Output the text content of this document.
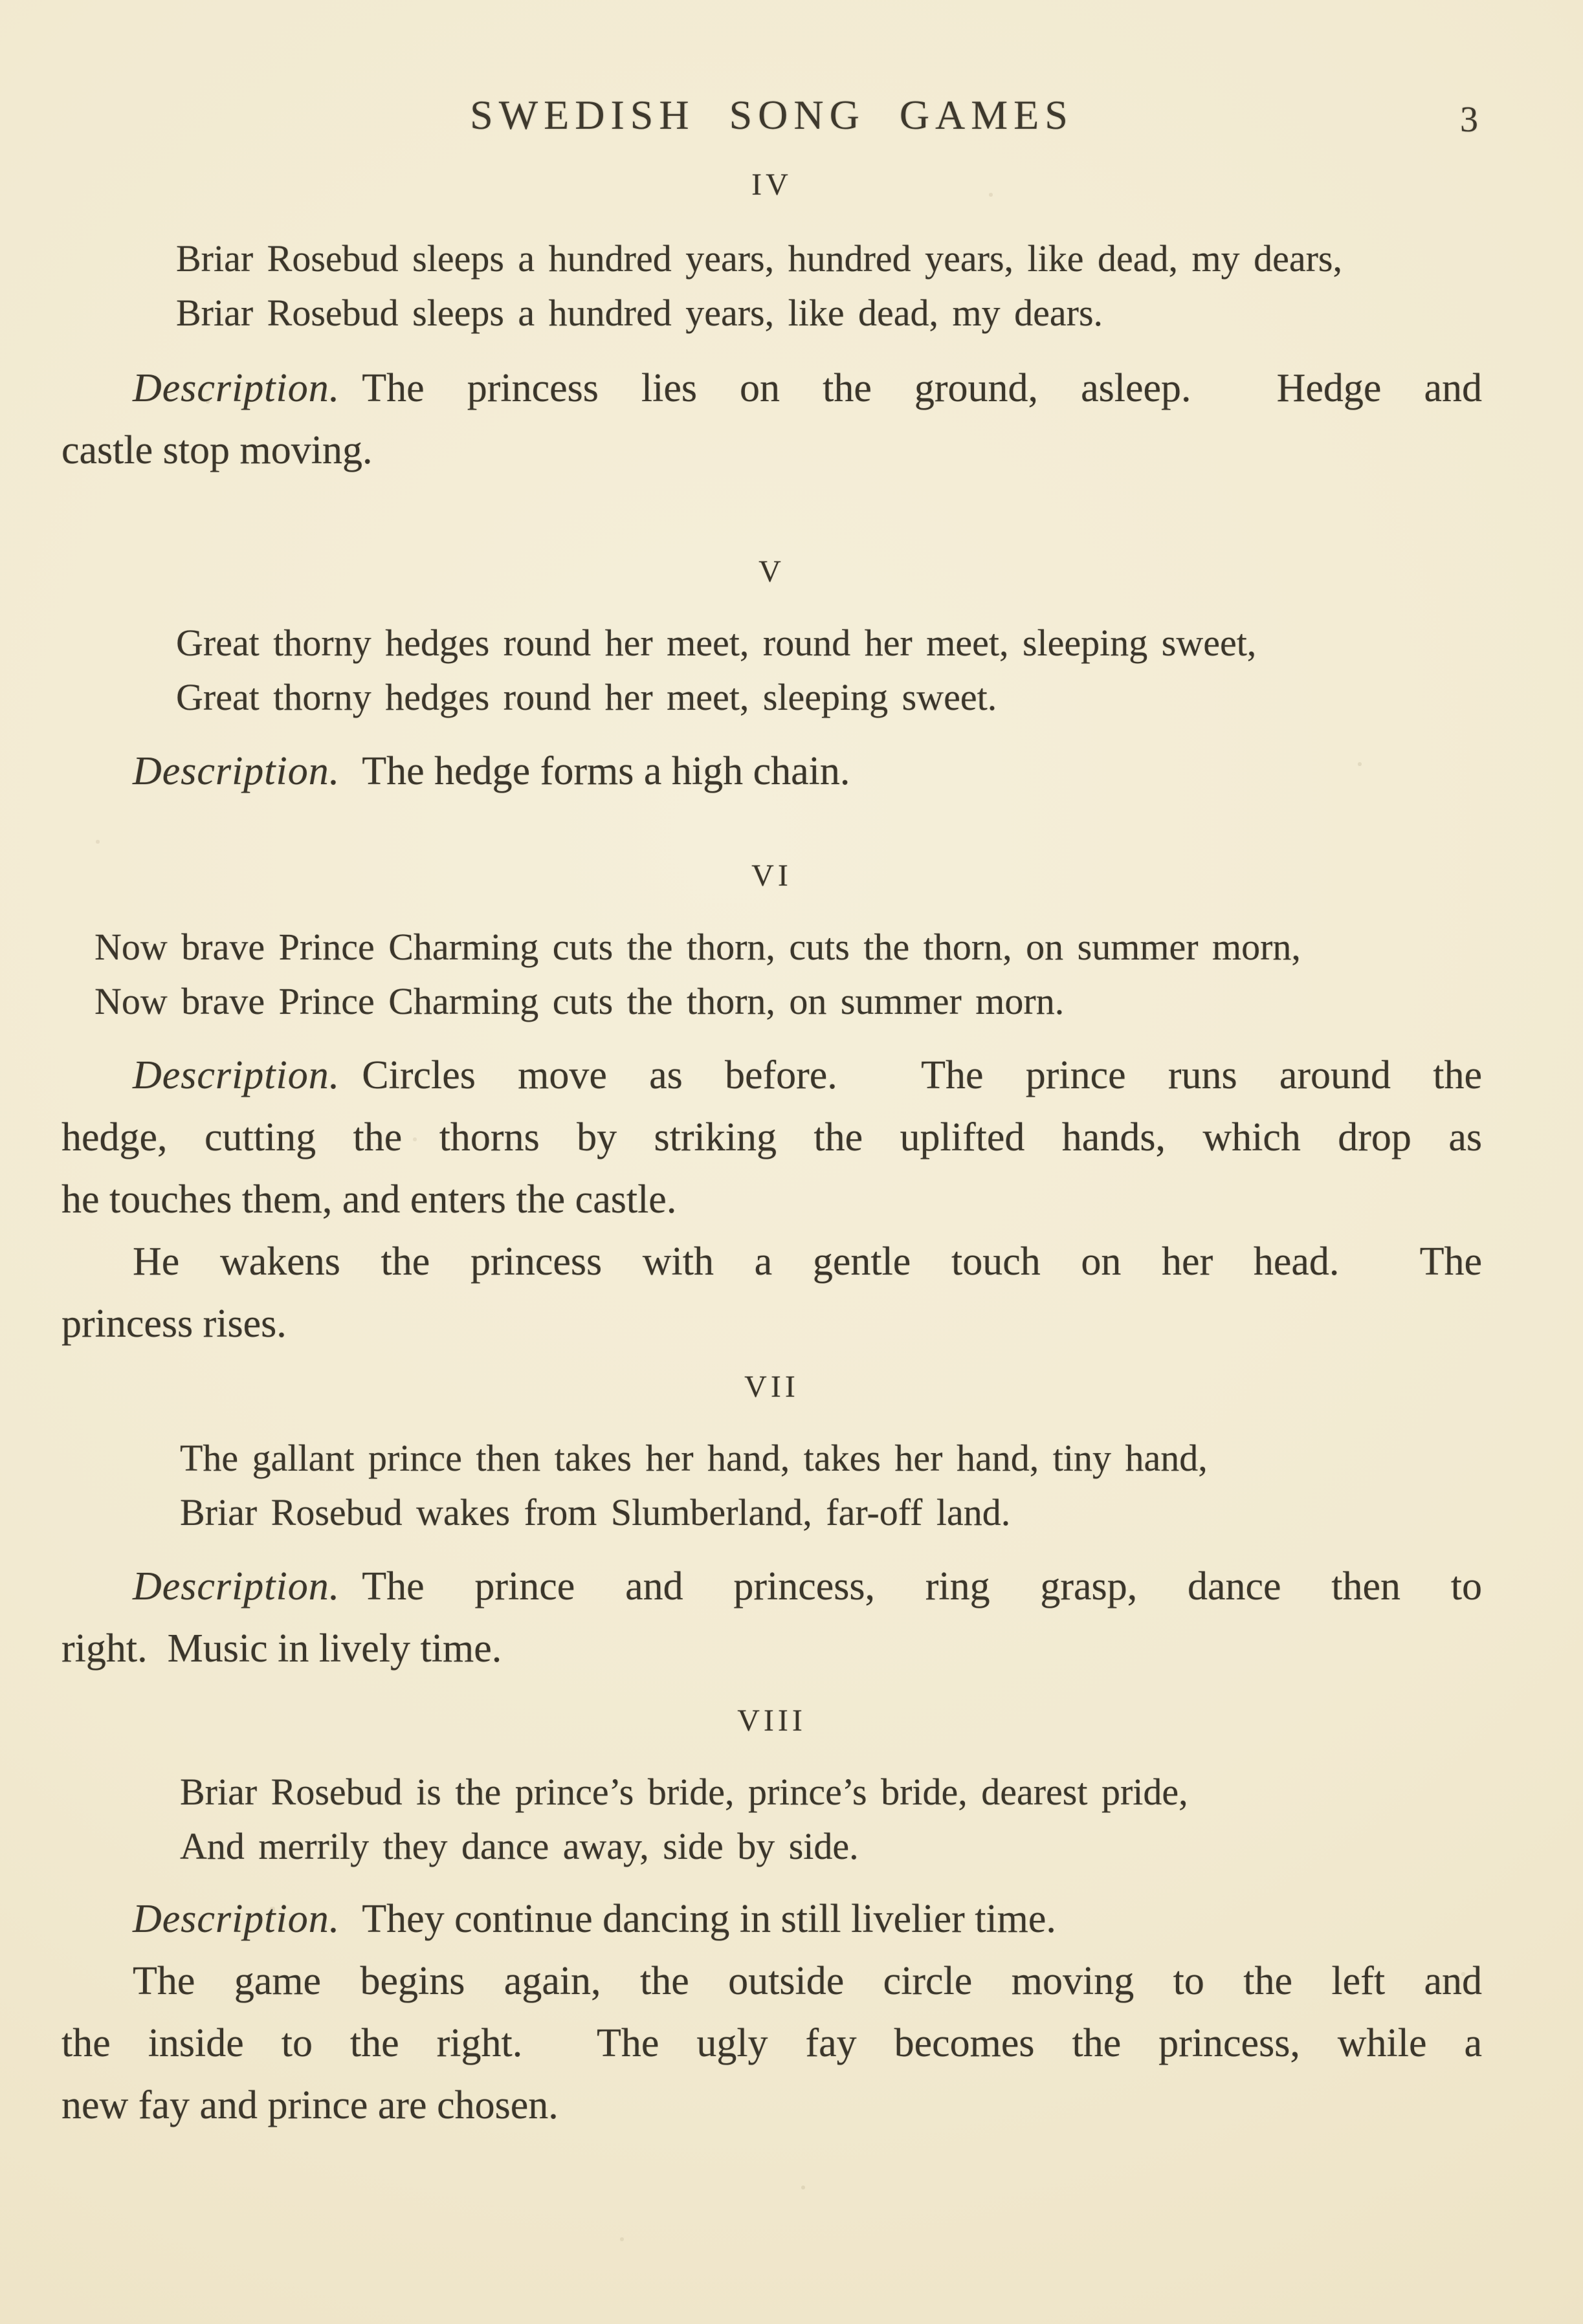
SWEDISH SONG GAMES	3
IV
Briar Rosebud sleeps a hundred years, hundred years, like dead, my dears,
Briar Rosebud sleeps a hundred years, like dead, my dears.
Description. The princess lies on the ground, asleep.  Hedge and
castle stop moving.
V
Great thorny hedges round her meet, round her meet, sleeping sweet,
Great thorny hedges round her meet, sleeping sweet.
Description. The hedge forms a high chain.
VI
Now brave Prince Charming cuts the thorn, cuts the thorn, on summer morn,
Now brave Prince Charming cuts the thorn, on summer morn.
Description. Circles move as before.  The prince runs around the
hedge, cutting the thorns by striking the uplifted hands, which drop as
he touches them, and enters the castle.
He wakens the princess with a gentle touch on her head.  The
princess rises.
VII
The gallant prince then takes her hand, takes her hand, tiny hand,
Briar Rosebud wakes from Slumberland, far-off land.
Description. The prince and princess, ring grasp, dance then to
right.  Music in lively time.
VIII
Briar Rosebud is the prince’s bride, prince’s bride, dearest pride,
And merrily they dance away, side by side.
Description. They continue dancing in still livelier time.
The game begins again, the outside circle moving to the left and
the inside to the right.  The ugly fay becomes the princess, while a
new fay and prince are chosen.
